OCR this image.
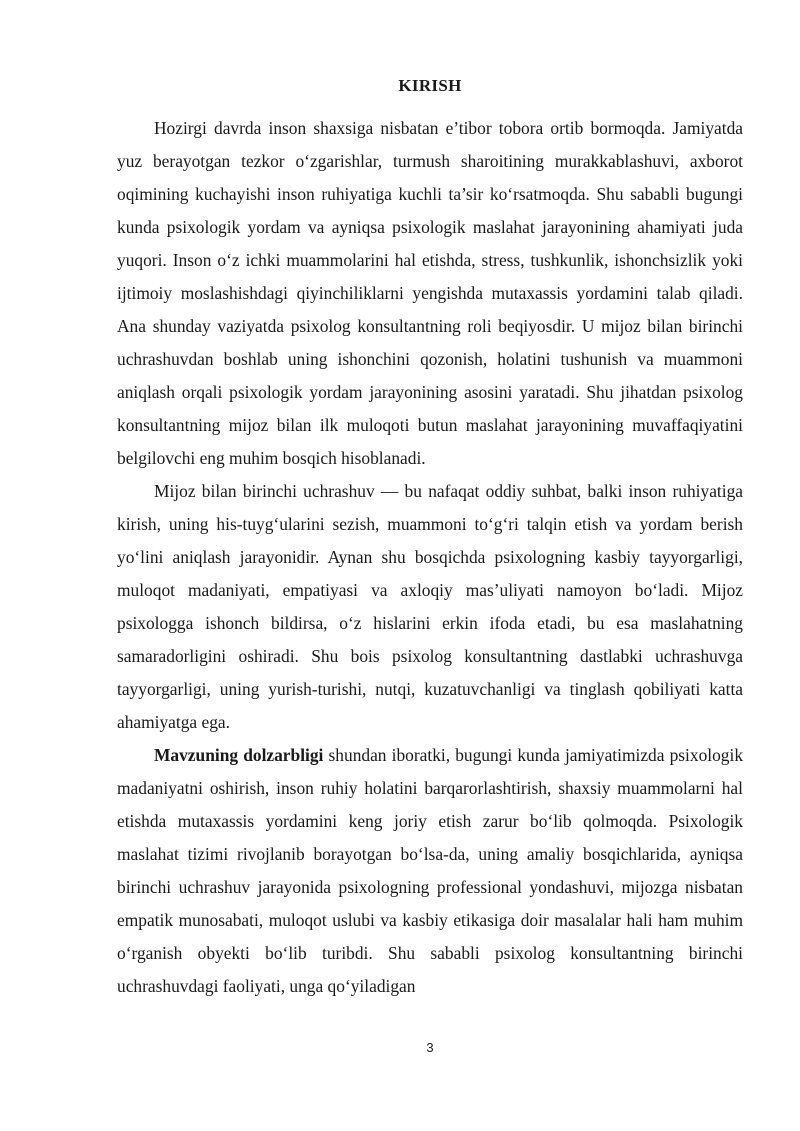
KIRISH

Hozirgi davrda inson shaxsiga nisbatan e’tibor tobora ortib bormoqda. Jamiyatda yuz berayotgan tezkor o‘zgarishlar, turmush sharoitining murakkablashuvi, axborot oqimining kuchayishi inson ruhiyatiga kuchli ta’sir ko‘rsatmoqda. Shu sababli bugungi kunda psixologik yordam va ayniqsa psixologik maslahat jarayonining ahamiyati juda yuqori. Inson o‘z ichki muammolarini hal etishda, stress, tushkunlik, ishonchsizlik yoki ijtimoiy moslashishdagi qiyinchiliklarni yengishda mutaxassis yordamini talab qiladi. Ana shunday vaziyatda psixolog konsultantning roli beqiyosdir. U mijoz bilan birinchi uchrashuvdan boshlab uning ishonchini qozonish, holatini tushunish va muammoni aniqlash orqali psixologik yordam jarayonining asosini yaratadi. Shu jihatdan psixolog konsultantning mijoz bilan ilk muloqoti butun maslahat jarayonining muvaffaqiyatini belgilovchi eng muhim bosqich hisoblanadi.

Mijoz bilan birinchi uchrashuv — bu nafaqat oddiy suhbat, balki inson ruhiyatiga kirish, uning his-tuyg‘ularini sezish, muammoni to‘g‘ri talqin etish va yordam berish yo‘lini aniqlash jarayonidir. Aynan shu bosqichda psixologning kasbiy tayyorgarligi, muloqot madaniyati, empatiyasi va axloqiy mas’uliyati namoyon bo‘ladi. Mijoz psixologga ishonch bildirsa, o‘z hislarini erkin ifoda etadi, bu esa maslahatning samaradorligini oshiradi. Shu bois psixolog konsultantning dastlabki uchrashuvga tayyorgarligi, uning yurish-turishi, nutqi, kuzatuvchanligi va tinglash qobiliyati katta ahamiyatga ega.

Mavzuning dolzarbligi shundan iboratki, bugungi kunda jamiyatimizda psixologik madaniyatni oshirish, inson ruhiy holatini barqarorlashtirish, shaxsiy muammolarni hal etishda mutaxassis yordamini keng joriy etish zarur bo‘lib qolmoqda. Psixologik maslahat tizimi rivojlanib borayotgan bo‘lsa-da, uning amaliy bosqichlarida, ayniqsa birinchi uchrashuv jarayonida psixologning professional yondashuvi, mijozga nisbatan empatik munosabati, muloqot uslubi va kasbiy etikasiga doir masalalar hali ham muhim o‘rganish obyekti bo‘lib turibdi. Shu sababli psixolog konsultantning birinchi uchrashuvdagi faoliyati, unga qo‘yiladigan

3
